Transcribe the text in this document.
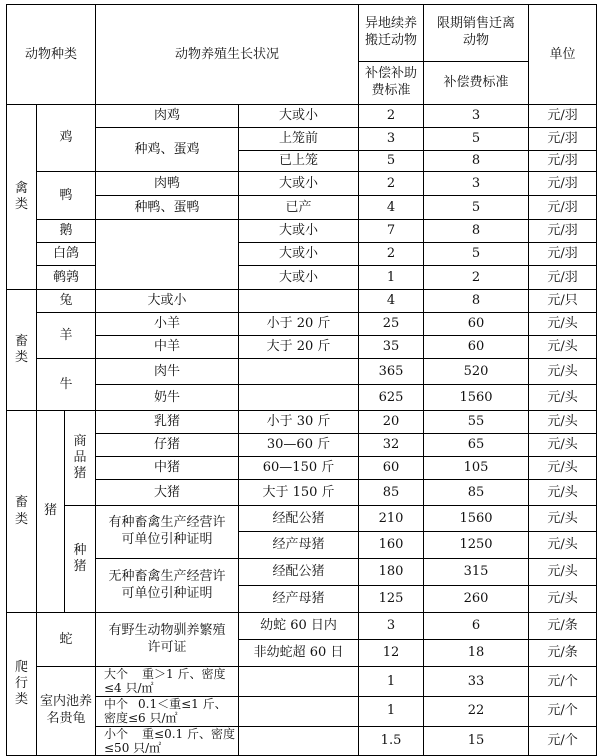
动物种类			动物养殖生长状况		异地续养搬迁动物	限期销售迁离动物	单位
					补偿补助费标准	补偿费标准	
禽类	鸡		肉鸡	大或小	2	3	元/羽
			种鸡、蛋鸡	上笼前	3	5	元/羽
				已上笼	5	8	元/羽
	鸭		肉鸭	大或小	2	3	元/羽
			种鸭、蛋鸭	已产	4	5	元/羽
	鹅			大或小	7	8	元/羽
	白鸽			大或小	2	5	元/羽
	鹌鹑			大或小	1	2	元/羽
畜类	兔		大或小		4	8	元/只
	羊		小羊	小于 20 斤	25	60	元/头
			中羊	大于 20 斤	35	60	元/头
	牛		肉牛		365	520	元/头
			奶牛		625	1560	元/头
畜类	猪	商品猪	乳猪	小于 30 斤	20	55	元/头
			仔猪	30—60 斤	32	65	元/头
			中猪	60—150 斤	60	105	元/头
			大猪	大于 150 斤	85	85	元/头
		种猪	有种畜禽生产经营许可单位引种证明	经配公猪	210	1560	元/头
				经产母猪	160	1250	元/头
			无种畜禽生产经营许可单位引种证明	经配公猪	180	315	元/头
				经产母猪	125	260	元/头
爬行类	蛇		有野生动物驯养繁殖许可证	幼蛇 60 日内	3	6	元/条
				非幼蛇超 60 日	12	18	元/条
	室内池养名贵龟		大个 重＞1 斤、密度≤4 只/㎡		1	33	元/个
			中个 0.1＜重≤1 斤、密度≤6 只/㎡		1	22	元/个
			小个 重≤0.1 斤、密度≤50 只/㎡		1.5	15	元/个
